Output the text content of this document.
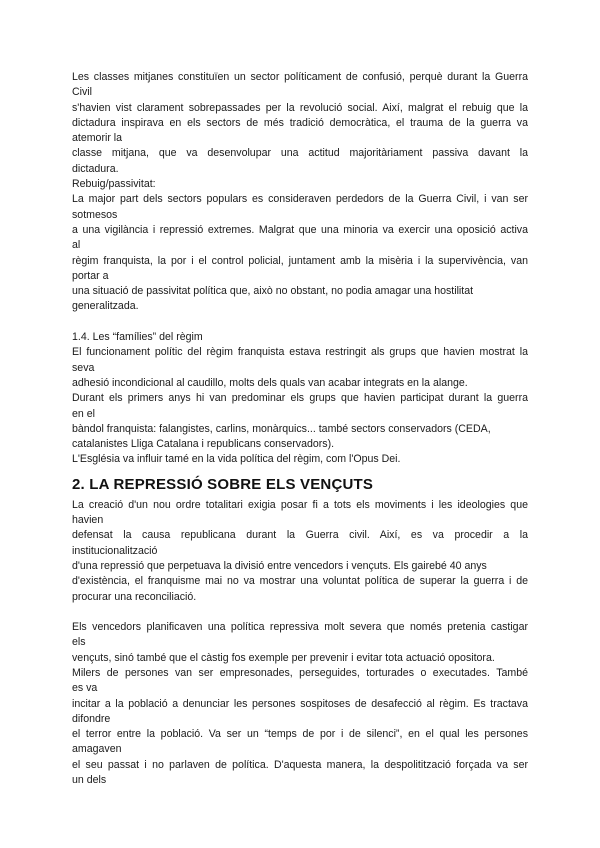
Les classes mitjanes constituïen un sector políticament de confusió, perquè durant la Guerra
Civil
s'havien vist clarament sobrepassades per la revolució social. Així, malgrat el rebuig que la
dictadura inspirava en els sectors de més tradició democràtica, el trauma de la guerra va
atemorir la
classe mitjana, que va desenvolupar una actitud majoritàriament passiva davant la
dictadura.
Rebuig/passivitat:
La major part dels sectors populars es consideraven perdedors de la Guerra Civil, i van ser
sotmesos
a una vigilància i repressió extremes. Malgrat que una minoria va exercir una oposició activa
al
règim franquista, la por i el control policial, juntament amb la misèria i la supervivència, van
portar a
una situació de passivitat política que, això no obstant, no podia amagar una hostilitat
generalitzada.
1.4. Les “famílies” del règim
El funcionament polític del règim franquista estava restringit als grups que havien mostrat la
seva
adhesió incondicional al caudillo, molts dels quals van acabar integrats en la alange.
Durant els primers anys hi van predominar els grups que havien participat durant la guerra
en el
bàndol franquista: falangistes, carlins, monàrquics... també sectors conservadors (CEDA,
catalanistes Lliga Catalana i republicans conservadors).
L'Església va influir tamé en la vida política del règim, com l'Opus Dei.
2. LA REPRESSIÓ SOBRE ELS VENÇUTS
La creació d'un nou ordre totalitari exigia posar fi a tots els moviments i les ideologies que
havien
defensat la causa republicana durant la Guerra civil. Així, es va procedir a la
institucionalització
d'una repressió que perpetuava la divisió entre vencedors i vençuts. Els gairebé 40 anys
d'existència, el franquisme mai no va mostrar una voluntat política de superar la guerra i de
procurar una reconciliació.
Els vencedors planificaven una política repressiva molt severa que només pretenia castigar
els
vençuts, sinó també que el càstig fos exemple per prevenir i evitar tota actuació opositora.
Milers de persones van ser empresonades, perseguides, torturades o executades. També
es va
incitar a la població a denunciar les persones sospitoses de desafecció al règim. Es tractava
difondre
el terror entre la població. Va ser un “temps de por i de silenci”, en el qual les persones
amagaven
el seu passat i no parlaven de política. D'aquesta manera, la despolitització forçada va ser
un dels
